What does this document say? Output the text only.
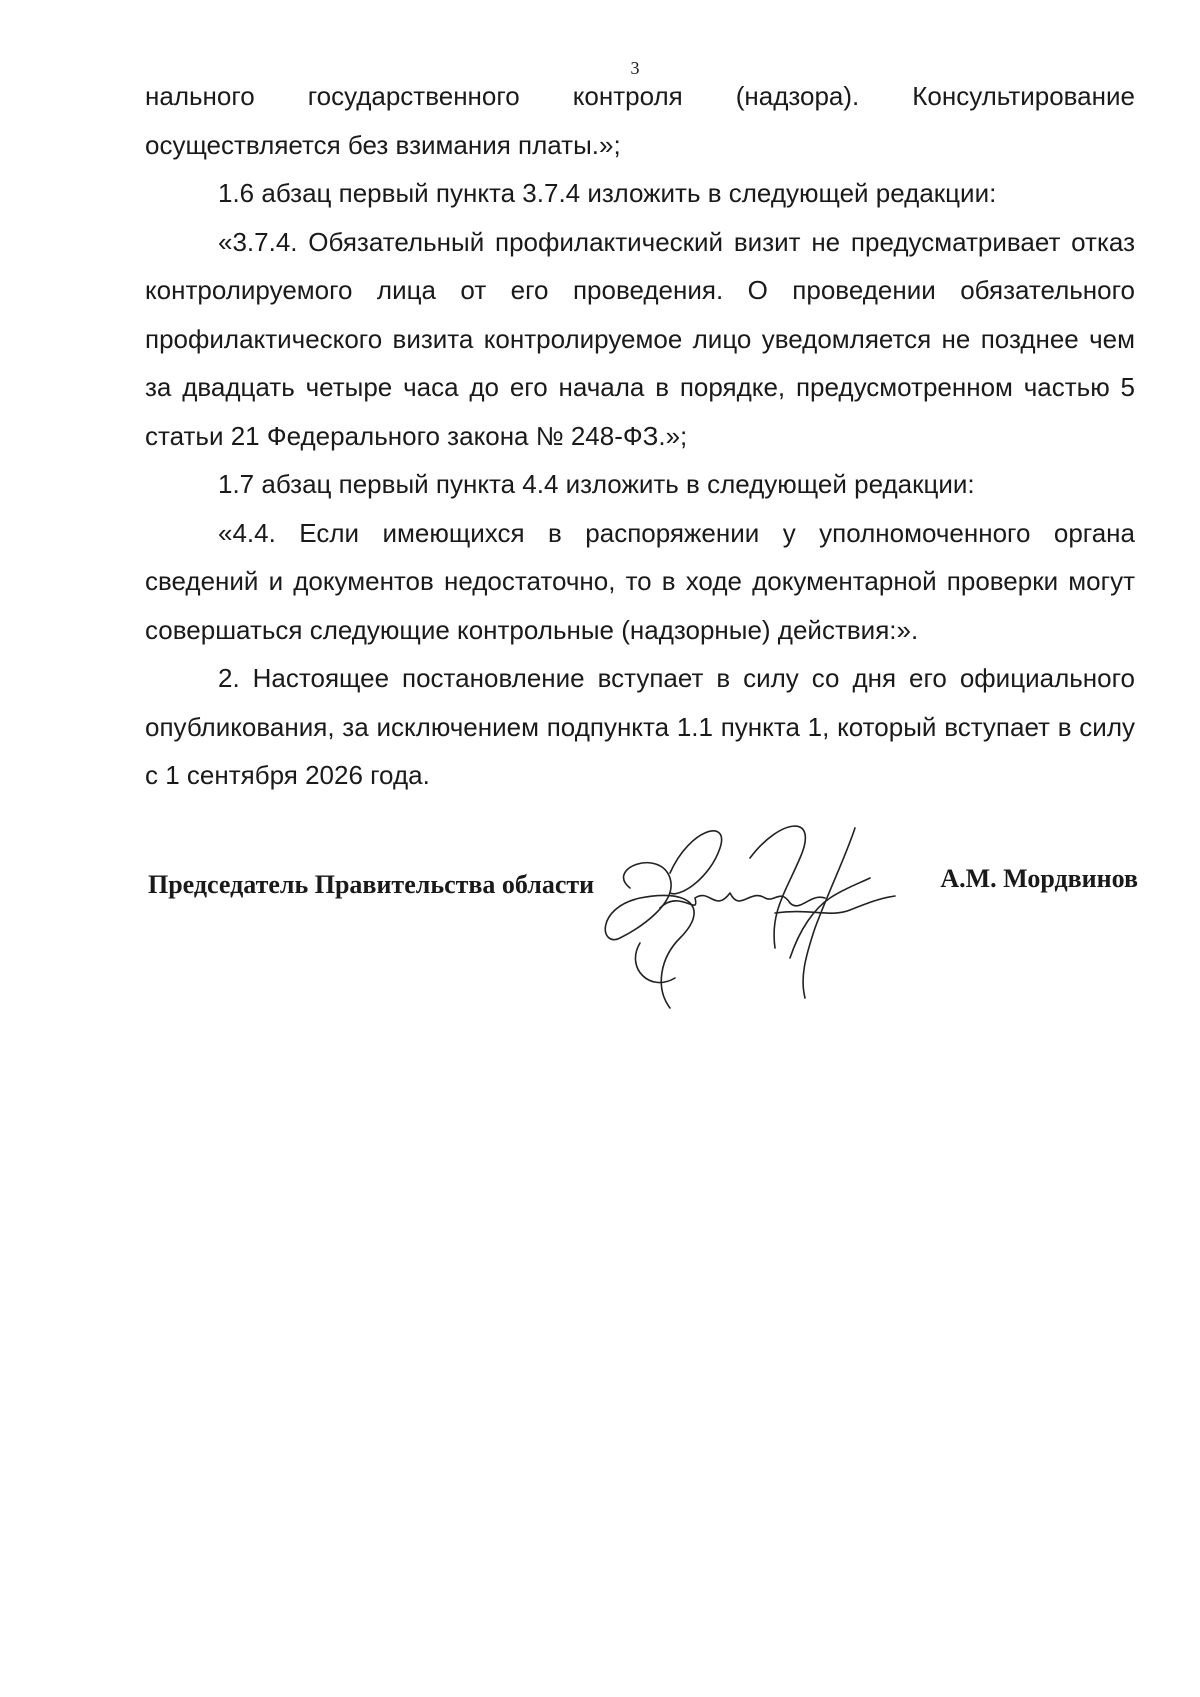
3

нального государственного контроля (надзора). Консультирование осуществляется без взимания платы.»;

1.6 абзац первый пункта 3.7.4 изложить в следующей редакции:

«3.7.4. Обязательный профилактический визит не предусматривает отказ контролируемого лица от его проведения. О проведении обязательного профилактического визита контролируемое лицо уведомляется не позднее чем за двадцать четыре часа до его начала в порядке, предусмотренном частью 5 статьи 21 Федерального закона № 248-ФЗ.»;

1.7 абзац первый пункта 4.4 изложить в следующей редакции:

«4.4. Если имеющихся в распоряжении у уполномоченного органа сведений и документов недостаточно, то в ходе документарной проверки могут совершаться следующие контрольные (надзорные) действия:».

2. Настоящее постановление вступает в силу со дня его официального опубликования, за исключением подпункта 1.1 пункта 1, который вступает в силу с 1 сентября 2026 года.

Председатель Правительства области	А.М. Мордвинов
